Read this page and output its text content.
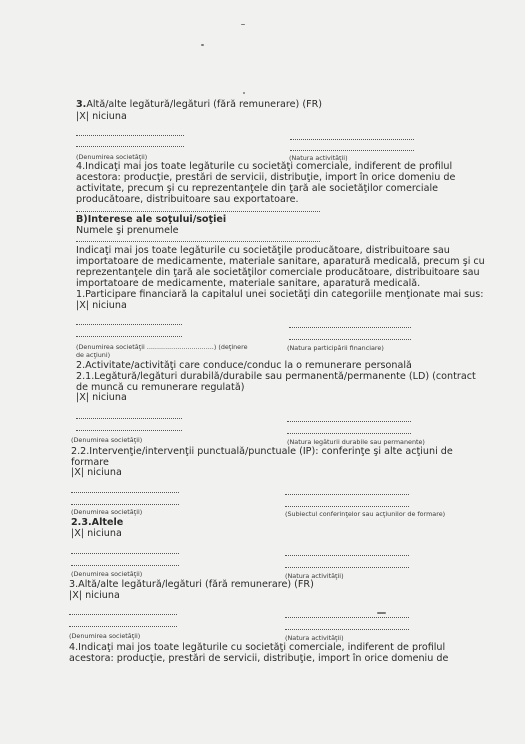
3.Altă/alte legătură/legături (fără remunerare) (FR)
|X| niciuna
(Denumirea societăţii)	(Natura activităţii)
4.Indicaţi mai jos toate legăturile cu societăţi comerciale, indiferent de profilul
acestora: producţie, prestări de servicii, distribuţie, import în orice domeniu de
activitate, precum şi cu reprezentanţele din ţară ale societăţilor comerciale
producătoare, distribuitoare sau exportatoare.
B)Interese ale soţului/soţiei
Numele şi prenumele
Indicaţi mai jos toate legăturile cu societăţile producătoare, distribuitoare sau
importatoare de medicamente, materiale sanitare, aparatură medicală, precum şi cu
reprezentanţele din ţară ale societăţilor comerciale producătoare, distribuitoare sau
importatoare de medicamente, materiale sanitare, aparatură medicală.
1.Participare financiară la capitalul unei societăţi din categoriile menţionate mai sus:
|X| niciuna
(Denumirea societăţii .................................) (deţinere	(Natura participării financiare)
de acţiuni)
2.Activitate/activităţi care conduce/conduc la o remunerare personală
2.1.Legătură/legături durabilă/durabile sau permanentă/permanente (LD) (contract
de muncă cu remunerare regulată)
|X| niciuna
(Denumirea societăţii)	(Natura legăturii durabile sau permanente)
2.2.Intervenţie/intervenţii punctuală/punctuale (IP): conferinţe şi alte acţiuni de
formare
|X| niciuna
(Denumirea societăţii)	(Subiectul conferinţelor sau acţiunilor de formare)
2.3.Altele
|X| niciuna
(Denumirea societăţii)	(Natura activităţii)
3.Altă/alte legătură/legături (fără remunerare) (FR)
|X| niciuna
(Denumirea societăţii)	(Natura activităţii)
4.Indicaţi mai jos toate legăturile cu societăţi comerciale, indiferent de profilul
acestora: producţie, prestări de servicii, distribuţie, import în orice domeniu de
